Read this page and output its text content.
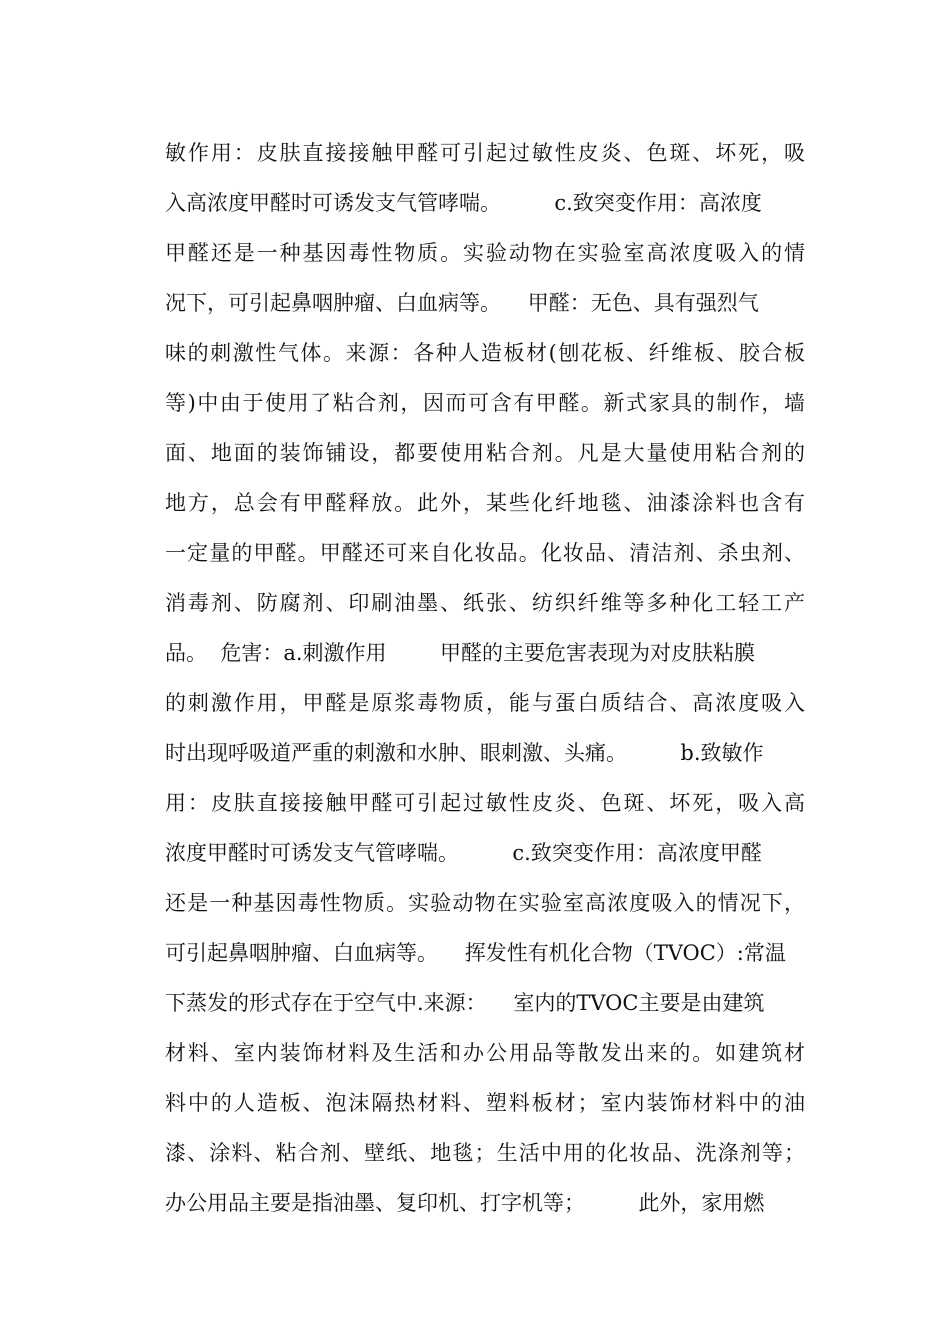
敏作用：皮肤直接接触甲醛可引起过敏性皮炎、色斑、坏死，吸
入高浓度甲醛时可诱发支气管哮喘。        c.致突变作用：高浓度
甲醛还是一种基因毒性物质。实验动物在实验室高浓度吸入的情
况下，可引起鼻咽肿瘤、白血病等。    甲醛：无色、具有强烈气
味的刺激性气体。来源：各种人造板材(刨花板、纤维板、胶合板
等)中由于使用了粘合剂，因而可含有甲醛。新式家具的制作，墙
面、地面的装饰铺设，都要使用粘合剂。凡是大量使用粘合剂的
地方，总会有甲醛释放。此外，某些化纤地毯、油漆涂料也含有
一定量的甲醛。甲醛还可来自化妆品。化妆品、清洁剂、杀虫剂、
消毒剂、防腐剂、印刷油墨、纸张、纺织纤维等多种化工轻工产
品。  危害：a.刺激作用        甲醛的主要危害表现为对皮肤粘膜
的刺激作用，甲醛是原浆毒物质，能与蛋白质结合、高浓度吸入
时出现呼吸道严重的刺激和水肿、眼刺激、头痛。        b.致敏作
用：皮肤直接接触甲醛可引起过敏性皮炎、色斑、坏死，吸入高
浓度甲醛时可诱发支气管哮喘。        c.致突变作用：高浓度甲醛
还是一种基因毒性物质。实验动物在实验室高浓度吸入的情况下，
可引起鼻咽肿瘤、白血病等。    挥发性有机化合物（TVOC）:常温
下蒸发的形式存在于空气中.来源：    室内的TVOC主要是由建筑
材料、室内装饰材料及生活和办公用品等散发出来的。如建筑材
料中的人造板、泡沫隔热材料、塑料板材；室内装饰材料中的油
漆、涂料、粘合剂、壁纸、地毯；生活中用的化妆品、洗涤剂等；
办公用品主要是指油墨、复印机、打字机等；        此外，家用燃
